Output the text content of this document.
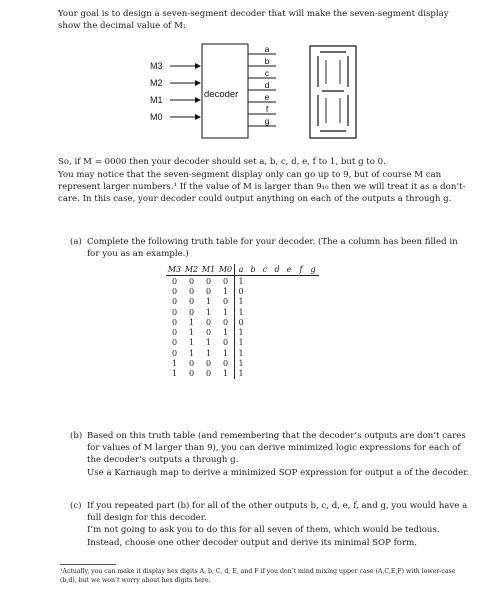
Your goal is to design a seven-segment decoder that will make the seven-segment display
show the decimal value of M:
M3
M2
M1
M0
decoder
a
b
c
d
e
f
g
So, if M = 0000 then your decoder should set a, b, c, d, e, f to 1, but g to 0.
You may notice that the seven-segment display only can go up to 9, but of course M can represent larger numbers.¹ If the value of M is larger than 9₁₀ then we will treat it as a don’t-care. In this case, your decoder could output anything on each of the outputs a through g.
(a) Complete the following truth table for your decoder. (The a column has been filled in for you as an example.)
M3	M2	M1	M0	a	b	c	d	e	f	g
0	0	0	0	1						
0	0	0	1	0						
0	0	1	0	1						
0	0	1	1	1						
0	1	0	0	0						
0	1	0	1	1						
0	1	1	0	1						
0	1	1	1	1						
1	0	0	0	1						
1	0	0	1	1						
(b) Based on this truth table (and remembering that the decoder’s outputs are don’t cares for values of M larger than 9), you can derive minimized logic expressions for each of the decoder’s outputs a through g.
Use a Karnaugh map to derive a minimized SOP expression for output a of the decoder.
(c) If you repeated part (b) for all of the other outputs b, c, d, e, f, and g, you would have a full design for this decoder.
I’m not going to ask you to do this for all seven of them, which would be tedious. Instead, choose one other decoder output and derive its minimal SOP form.
¹Actually, you can make it display hex digits A, b, C, d, E, and F if you don’t mind mixing upper case (A,C,E,F) with lower-case (b,d), but we won’t worry about hex digits here.
